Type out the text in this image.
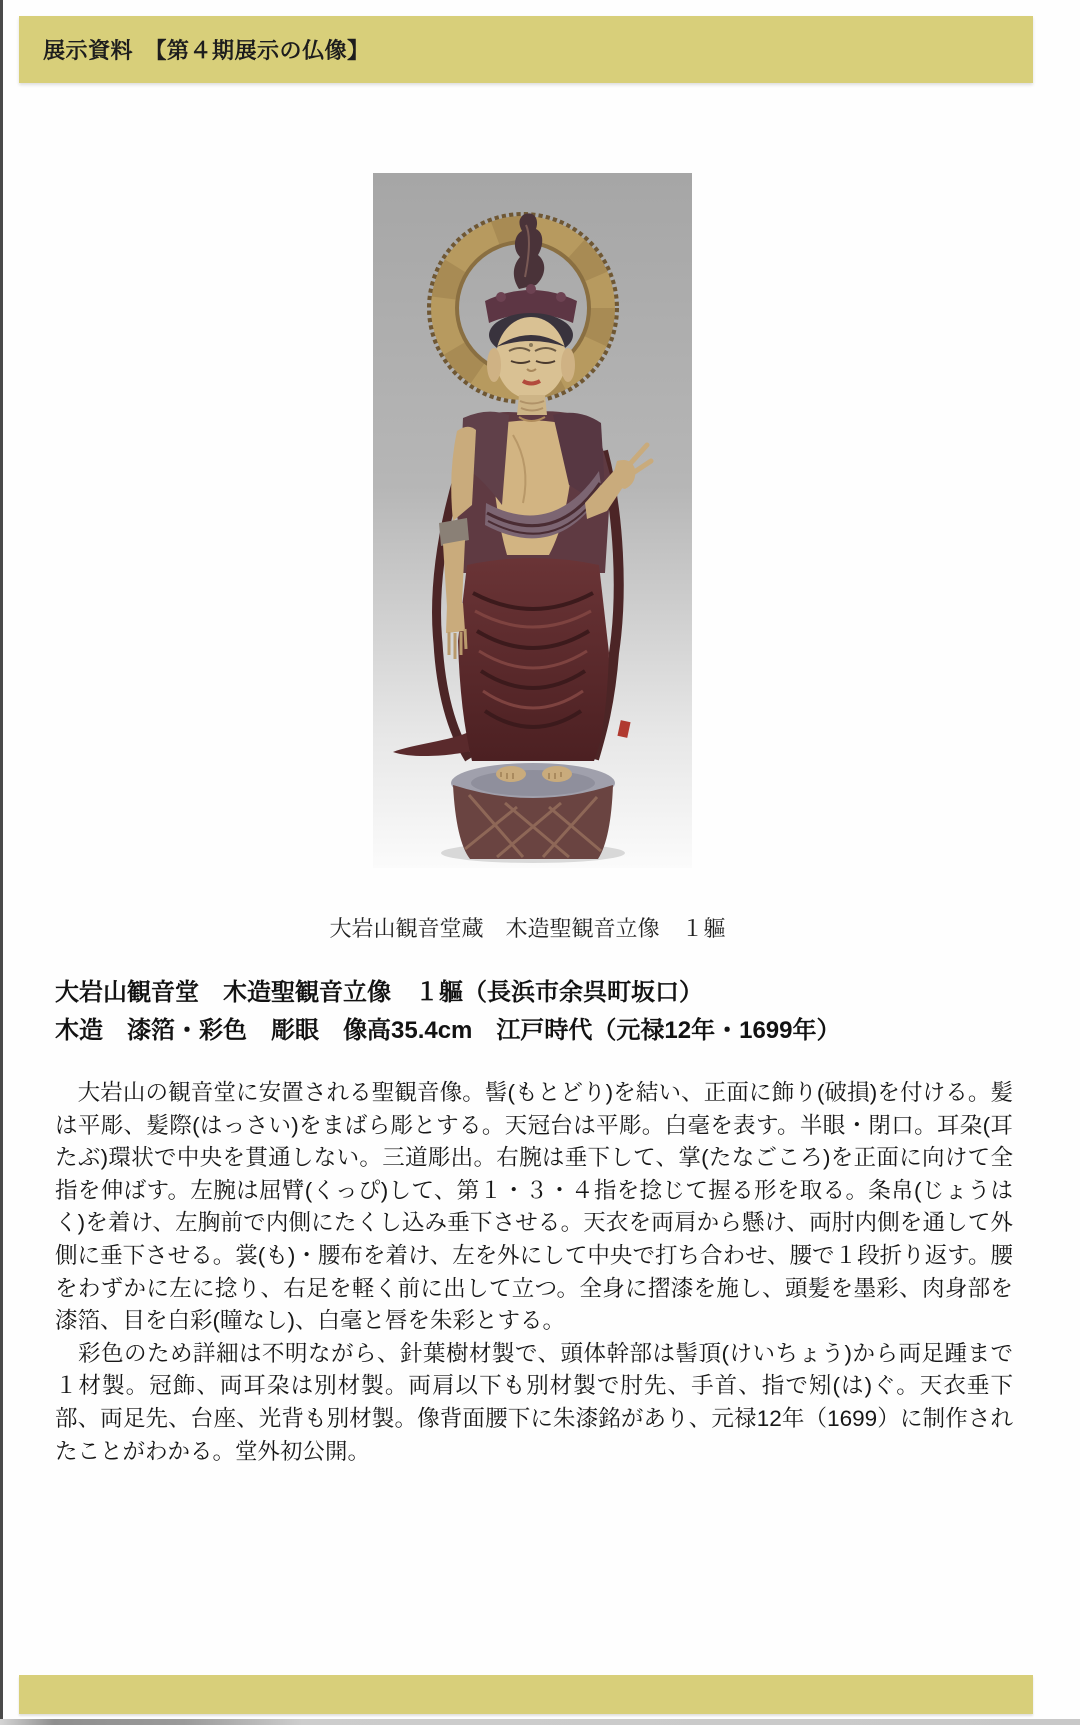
展示資料　【第４期展示の仏像】
大岩山観音堂蔵　木造聖観音立像　１軀

大岩山観音堂　木造聖観音立像　１軀（長浜市余呉町坂口）

木造　漆箔・彩色　彫眼　像高35.4cm　江戸時代（元禄12年・1699年）

　大岩山の観音堂に安置される聖観音像。髻(もとどり)を結い、正面に飾り(破損)を付ける。髪は平彫、髪際(はっさい)をまばら彫とする。天冠台は平彫。白毫を表す。半眼・閉口。耳朶(耳たぶ)環状で中央を貫通しない。三道彫出。右腕は垂下して、掌(たなごころ)を正面に向けて全指を伸ばす。左腕は屈臂(くっぴ)して、第１・３・４指を捻じて握る形を取る。条帛(じょうはく)を着け、左胸前で内側にたくし込み垂下させる。天衣を両肩から懸け、両肘内側を通して外側に垂下させる。裳(も)・腰布を着け、左を外にして中央で打ち合わせ、腰で１段折り返す。腰をわずかに左に捻り、右足を軽く前に出して立つ。全身に摺漆を施し、頭髪を墨彩、肉身部を漆箔、目を白彩(瞳なし)、白毫と唇を朱彩とする。

　彩色のため詳細は不明ながら、針葉樹材製で、頭体幹部は髻頂(けいちょう)から両足踵まで１材製。冠飾、両耳朶は別材製。両肩以下も別材製で肘先、手首、指で矧(は)ぐ。天衣垂下部、両足先、台座、光背も別材製。像背面腰下に朱漆銘があり、元禄12年（1699）に制作されたことがわかる。堂外初公開。
